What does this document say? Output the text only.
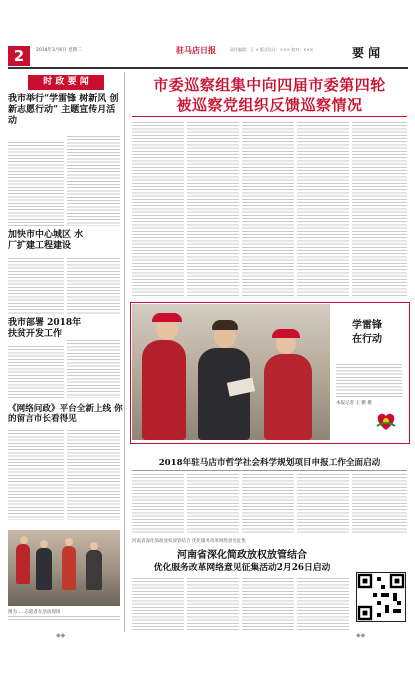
2	2018年3月6日 星期二	驻马店日报	责任编辑：王 × 版式设计：××× 校对：×××	要 闻
时 政 要 闻
我市举行“学雷锋 树新风 创新志愿行动” 主题宣传月活动
加快市中心城区 水厂扩建工程建设
我市部署 2018年扶贫开发工作
《网络问政》平台全新上线 你的留言市长看得见
图为 … 志愿者在活动现场
市委巡察组集中向四届市委第四轮
被巡察党组织反馈巡察情况
学雷锋
在行动
本报记者 王 鹏 摄
2018年驻马店市哲学社会科学规划项目申报工作全面启动
河南省深化简政放权放管结合 优化服务改革网络意见征集
河南省深化简政放权放管结合
优化服务改革网络意见征集活动2月26日启动
◆◆	◆◆
